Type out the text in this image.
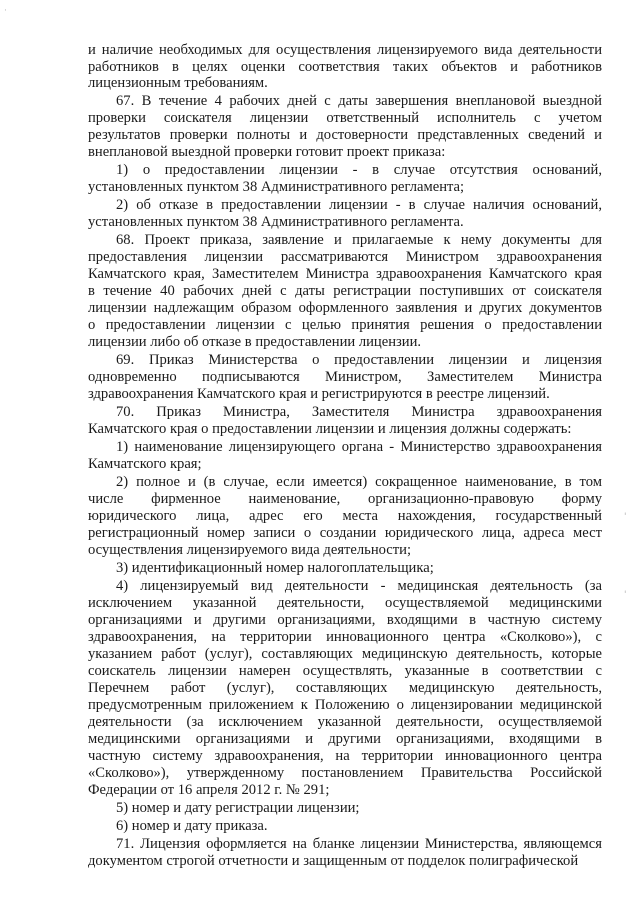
·
'
'
и наличие необходимых для осуществления лицензируемого вида деятельности
работников в целях оценки соответствия таких объектов и работников
лицензионным требованиям.
67. В течение 4 рабочих дней с даты завершения внеплановой выездной
проверки соискателя лицензии ответственный исполнитель с учетом
результатов проверки полноты и достоверности представленных сведений и
внеплановой выездной проверки готовит проект приказа:
1) о предоставлении лицензии - в случае отсутствия оснований,
установленных пунктом 38 Административного регламента;
2) об отказе в предоставлении лицензии - в случае наличия оснований,
установленных пунктом 38 Административного регламента.
68. Проект приказа, заявление и прилагаемые к нему документы для
предоставления лицензии рассматриваются Министром здравоохранения
Камчатского края, Заместителем Министра здравоохранения Камчатского края
в течение 40 рабочих дней с даты регистрации поступивших от соискателя
лицензии надлежащим образом оформленного заявления и других документов
о предоставлении лицензии с целью принятия решения о предоставлении
лицензии либо об отказе в предоставлении лицензии.
69. Приказ Министерства о предоставлении лицензии и лицензия
одновременно подписываются Министром, Заместителем Министра
здравоохранения Камчатского края и регистрируются в реестре лицензий.
70. Приказ Министра, Заместителя Министра здравоохранения
Камчатского края о предоставлении лицензии и лицензия должны содержать:
1) наименование лицензирующего органа - Министерство здравоохранения
Камчатского края;
2) полное и (в случае, если имеется) сокращенное наименование, в том
числе фирменное наименование, организационно-правовую форму
юридического лица, адрес его места нахождения, государственный
регистрационный номер записи о создании юридического лица, адреса мест
осуществления лицензируемого вида деятельности;
3) идентификационный номер налогоплательщика;
4) лицензируемый вид деятельности - медицинская деятельность (за
исключением указанной деятельности, осуществляемой медицинскими
организациями и другими организациями, входящими в частную систему
здравоохранения, на территории инновационного центра «Сколково»), с
указанием работ (услуг), составляющих медицинскую деятельность, которые
соискатель лицензии намерен осуществлять, указанные в соответствии с
Перечнем работ (услуг), составляющих медицинскую деятельность,
предусмотренным приложением к Положению о лицензировании медицинской
деятельности (за исключением указанной деятельности, осуществляемой
медицинскими организациями и другими организациями, входящими в
частную систему здравоохранения, на территории инновационного центра
«Сколково»), утвержденному постановлением Правительства Российской
Федерации от 16 апреля 2012 г. № 291;
5) номер и дату регистрации лицензии;
6) номер и дату приказа.
71. Лицензия оформляется на бланке лицензии Министерства, являющемся
документом строгой отчетности и защищенным от подделок полиграфической
